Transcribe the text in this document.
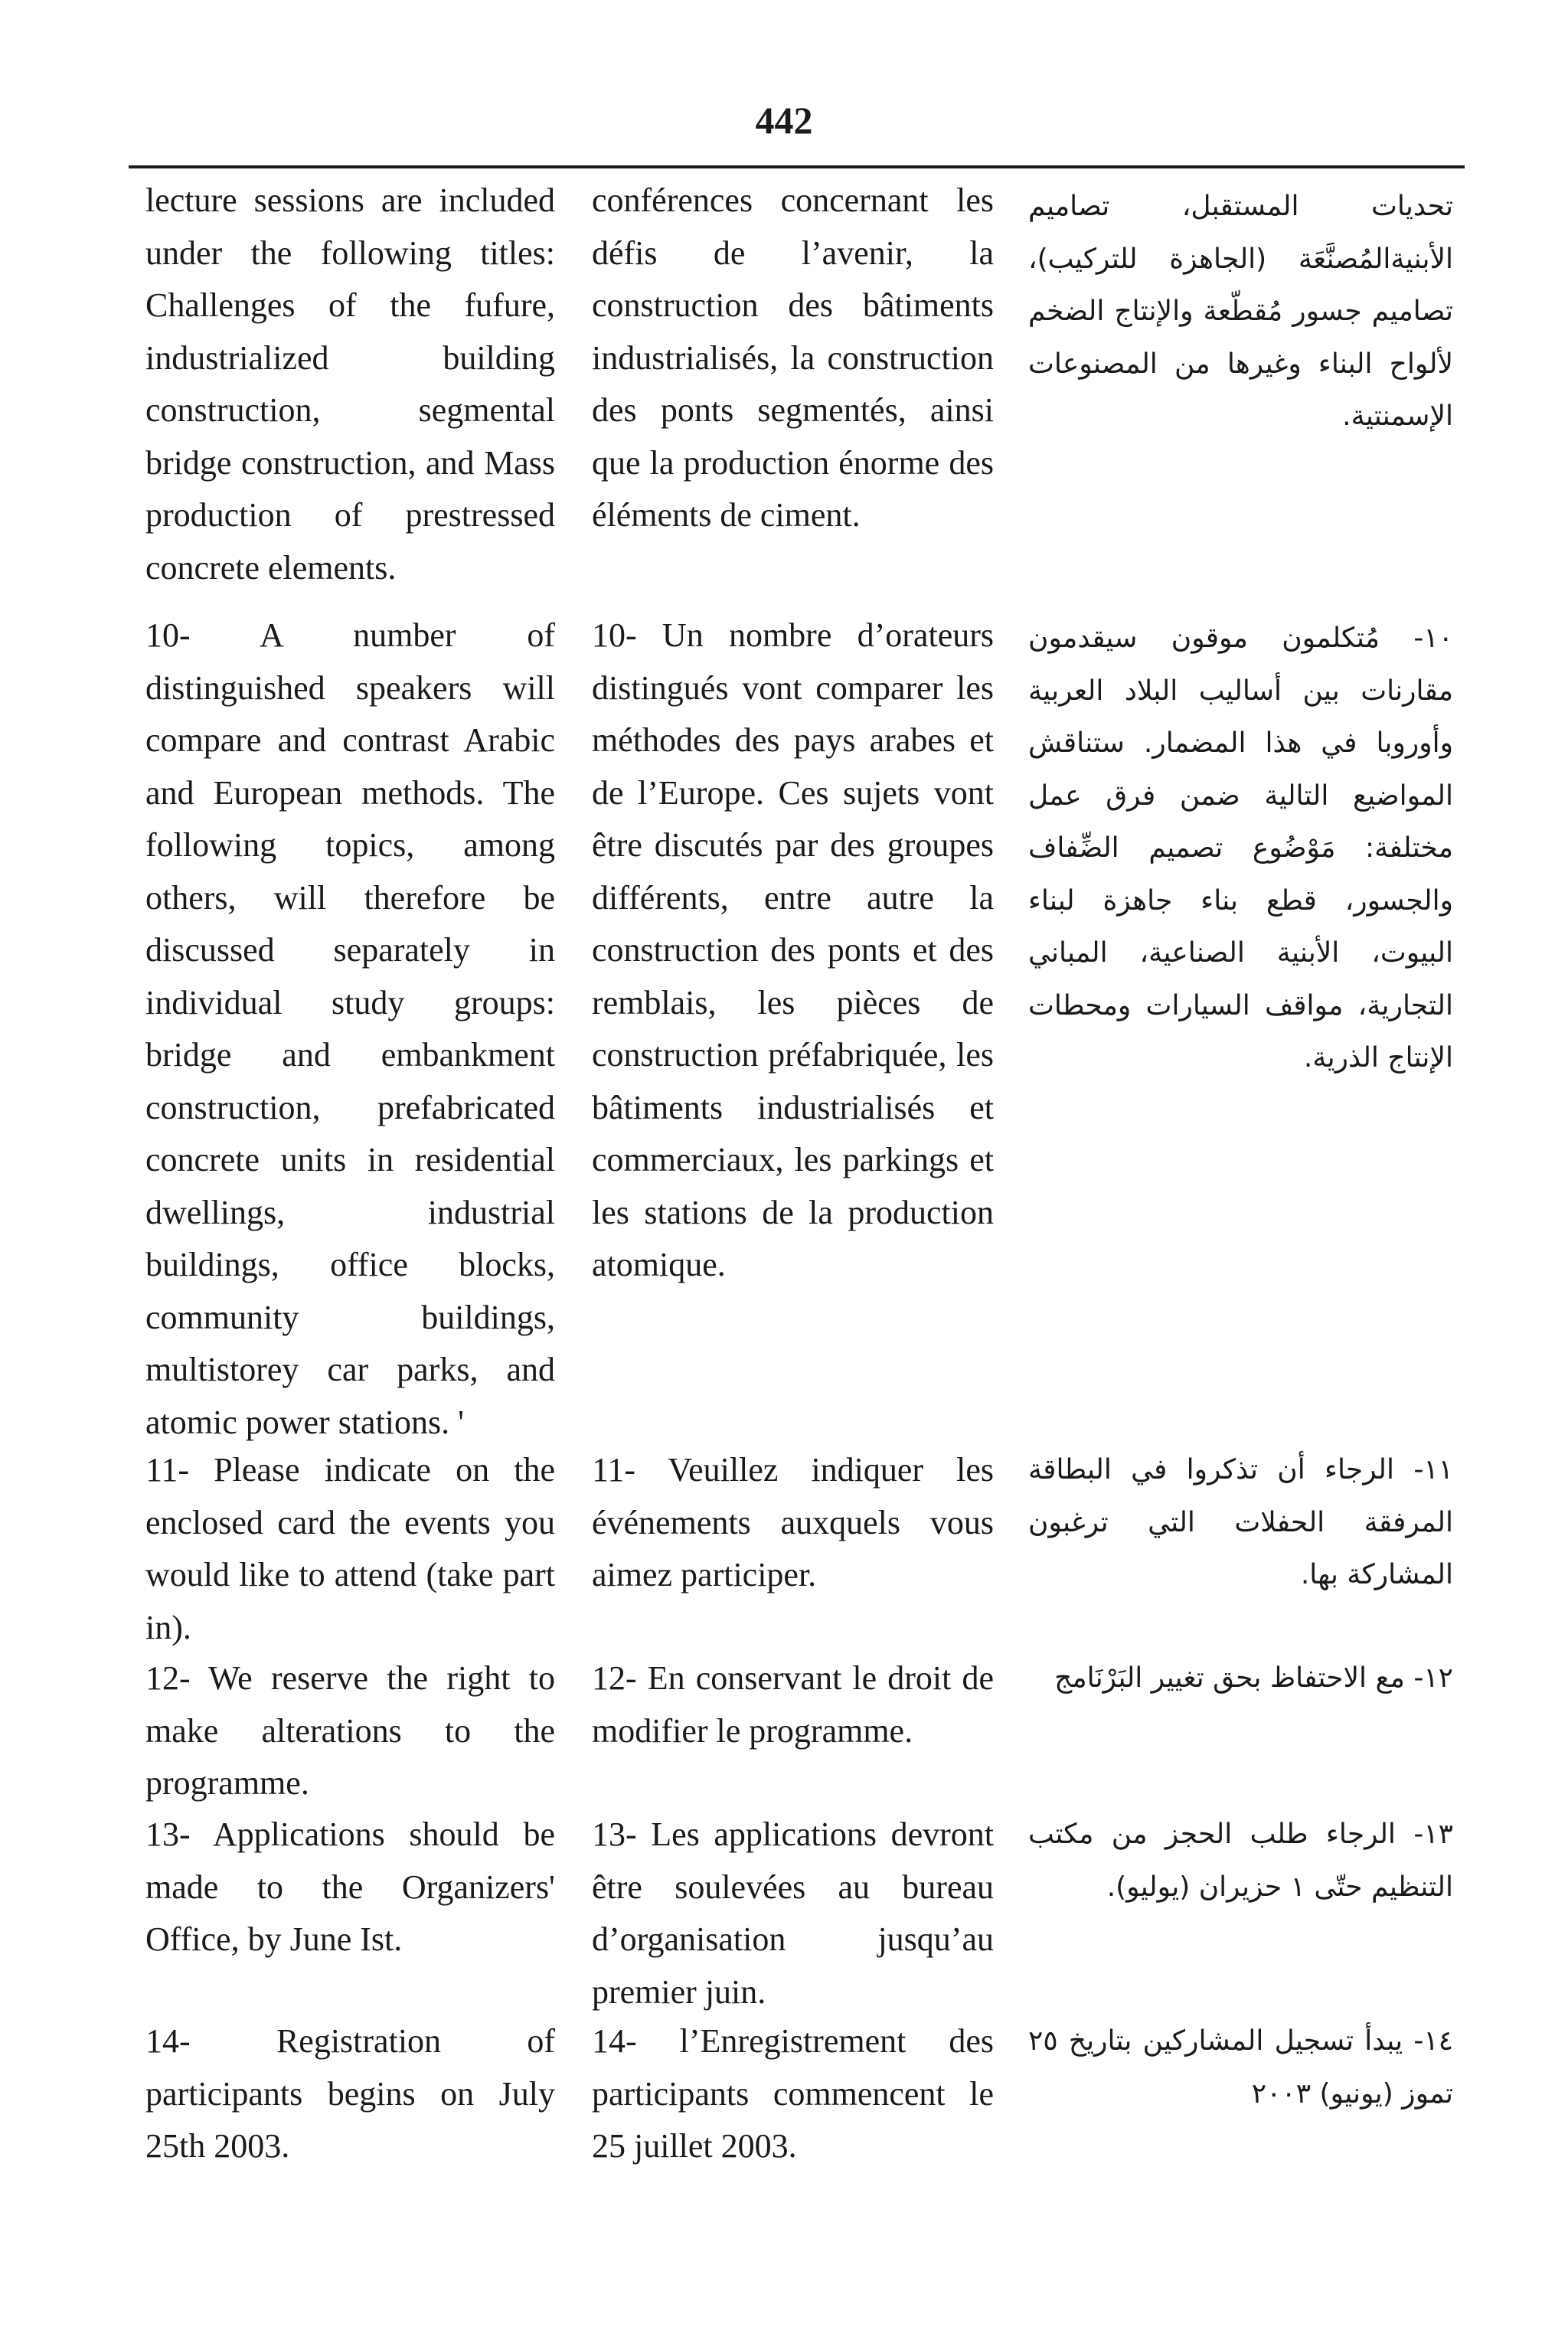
442

lecture sessions are included under the following titles: Challenges of the fufure, industrialized building construction, segmental bridge construction, and Mass production of prestressed concrete elements.

10- A number of distinguished speakers will compare and contrast Arabic and European methods. The following topics, among others, will therefore be discussed separately in individual study groups: bridge and embankment construction, prefabricated concrete units in residential dwellings, industrial buildings, office blocks, community buildings, multistorey car parks, and atomic power stations. '

11- Please indicate on the enclosed card the events you would like to attend (take part in).

12- We reserve the right to make alterations to the programme.

13- Applications should be made to the Organizers' Office, by June Ist.

14- Registration of participants begins on July 25th 2003.

conférences concernant les défis de l’avenir, la construction des bâtiments industrialisés, la construction des ponts segmentés, ainsi que la production énorme des éléments de ciment.

10- Un nombre d’orateurs distingués vont comparer les méthodes des pays arabes et de l’Europe. Ces sujets vont être discutés par des groupes différents, entre autre la construction des ponts et des remblais, les pièces de construction préfabriquée, les bâtiments industrialisés et commerciaux, les parkings et les stations de la production atomique.

11- Veuillez indiquer les événements auxquels vous aimez participer.

12- En conservant le droit de modifier le programme.

13- Les applications devront être soulevées au bureau d’organisation jusqu’au premier juin.

14- l’Enregistrement des participants commencent le 25 juillet 2003.

تحديات المستقبل، تصاميم الأبنيةالمُصنَّعَة (الجاهزة للتركيب)، تصاميم جسور مُقطّعة والإنتاج الضخم لألواح البناء وغيرها من المصنوعات الإسمنتية.

١٠- مُتكلمون موقون سيقدمون مقارنات بين أساليب البلاد العربية وأوروبا في هذا المضمار. ستناقش المواضيع التالية ضمن فرق عمل مختلفة: مَوْضُوع تصميم الضِّفاف والجسور، قطع بناء جاهزة لبناء البيوت، الأبنية الصناعية، المباني التجارية، مواقف السيارات ومحطات الإنتاج الذرية.

١١- الرجاء أن تذكروا في البطاقة المرفقة الحفلات التي ترغبون المشاركة بها.

١٢- مع الاحتفاظ بحق تغيير البَرْنَامج

١٣- الرجاء طلب الحجز من مكتب التنظيم حتّى ١ حزيران (يوليو).

١٤- يبدأ تسجيل المشاركين بتاريخ ٢٥ تموز (يونيو) ٢٠٠٣
